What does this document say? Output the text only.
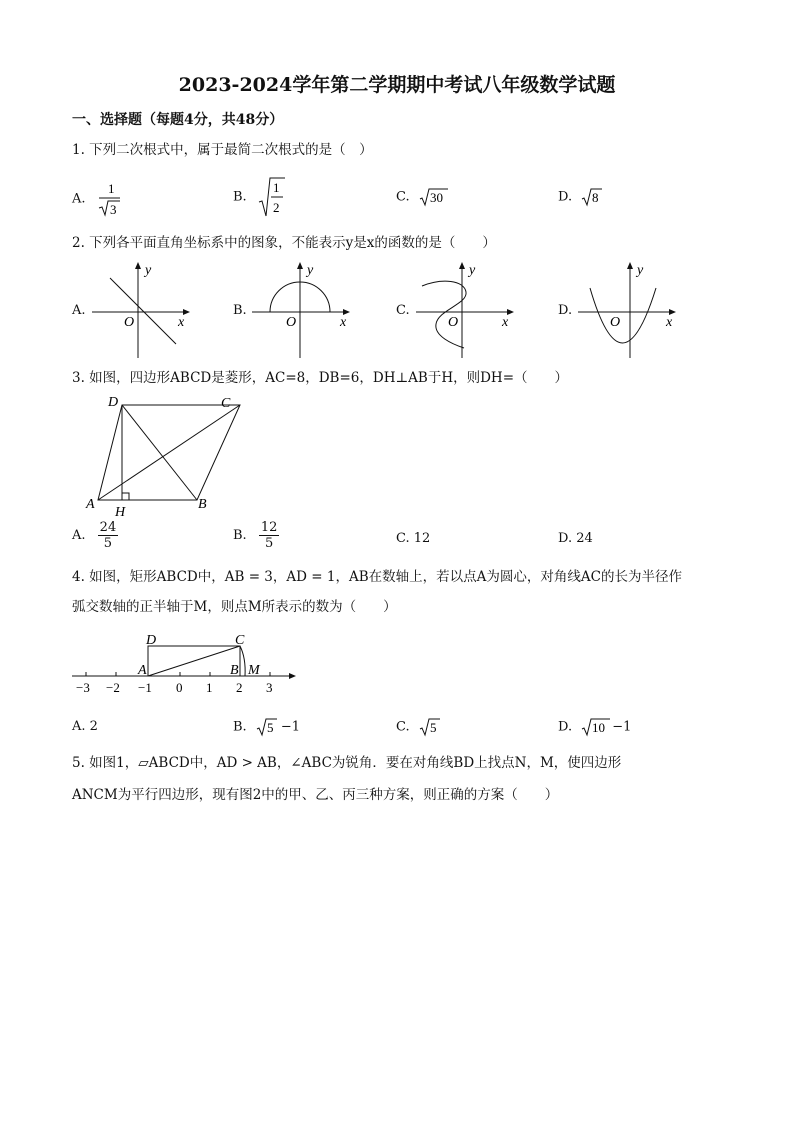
2023-2024学年第二学期期中考试八年级数学试题
一、选择题（每题4分，共48分）
1. 下列二次根式中，属于最简二次根式的是（　）
A.
1
3
B.
1
2
C. 30	D. 8
2. 下列各平面直角坐标系中的图象，不能表示y是x的函数的是（　　）
A.
y
x
O
B.
y
x
O
C.
y
x
O
D.
y
x
O
3. 如图，四边形ABCD是菱形，AC=8，DB=6，DH⊥AB于H，则DH=（　　）
A	B
C
D
H
A. $\frac{24}{5}$	B. $\frac{12}{5}$	C. 12	D. 24
4. 如图，矩形ABCD中，AB = 3，AD = 1，AB在数轴上，若以点A为圆心，对角线AC的长为半径作
弧交数轴的正半轴于M，则点M所表示的数为（　　）
−3 −2 −1 0 1 2 3
A	B
C
D
M
A. 2	B. 5 −1	C. 5	D. 10 −1
5. 如图1，▱ABCD中，AD > AB，∠ABC为锐角．要在对角线BD上找点N，M，使四边形
ANCM为平行四边形，现有图2中的甲、乙、丙三种方案，则正确的方案（　　）
